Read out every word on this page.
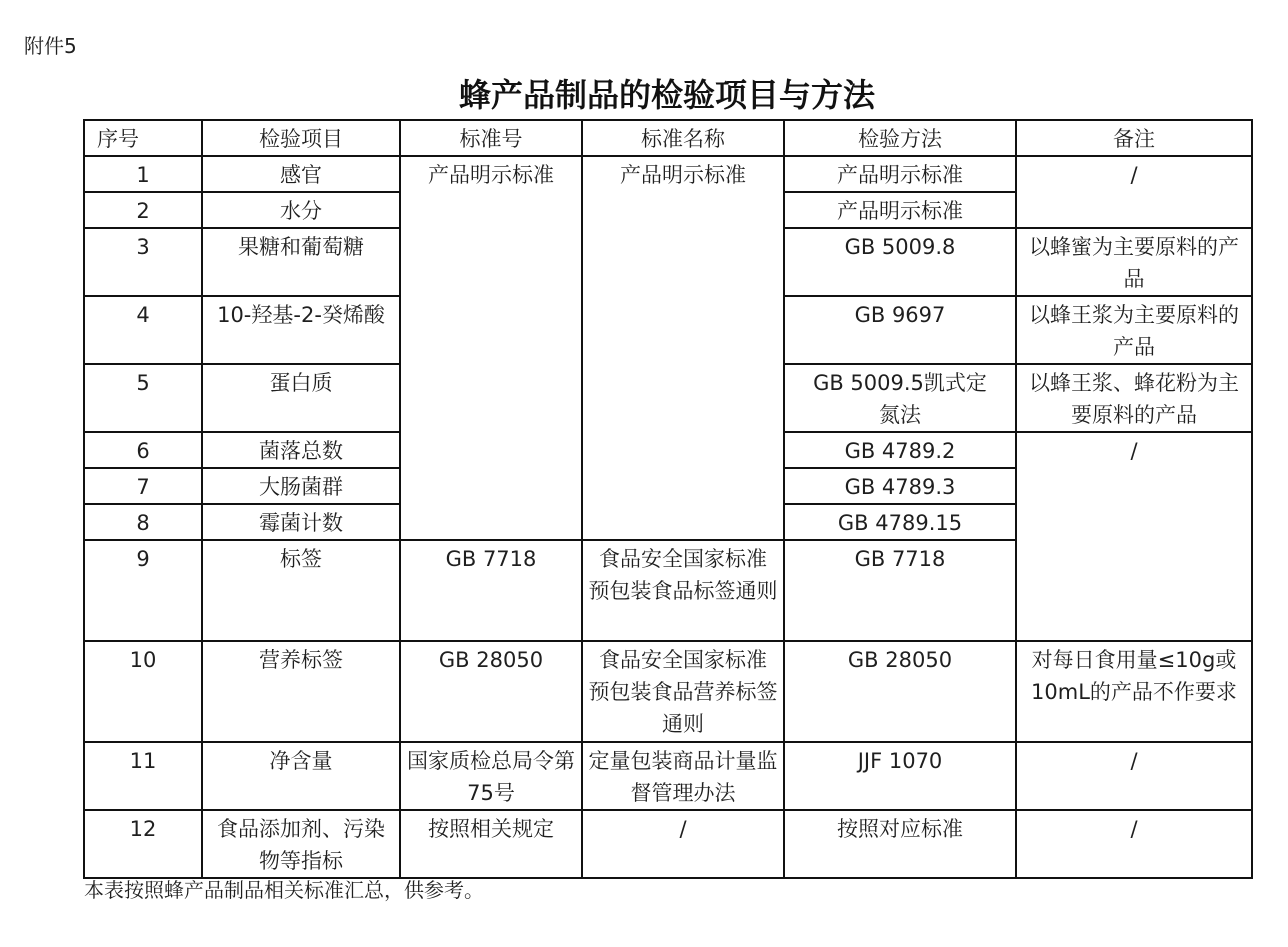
附件5
蜂产品制品的检验项目与方法
序号	检验项目	标准号	标准名称	检验方法	备注
1	感官	产品明示标准	产品明示标准	产品明示标准	/
2	水分			产品明示标准	
3	果糖和葡萄糖			GB 5009.8	以蜂蜜为主要原料的产品
4	10-羟基-2-癸烯酸			GB 9697	以蜂王浆为主要原料的产品
5	蛋白质			GB 5009.5凯式定氮法	以蜂王浆、蜂花粉为主要原料的产品
6	菌落总数			GB 4789.2	/
7	大肠菌群			GB 4789.3	
8	霉菌计数			GB 4789.15	
9	标签	GB 7718	食品安全国家标准 预包装食品标签通则	GB 7718	
10	营养标签	GB 28050	食品安全国家标准 预包装食品营养标签通则	GB 28050	对每日食用量≤10g或10mL的产品不作要求
11	净含量	国家质检总局令第75号	定量包装商品计量监督管理办法	JJF 1070	/
12	食品添加剂、污染物等指标	按照相关规定	/	按照对应标准	/
本表按照蜂产品制品相关标准汇总，供参考。
